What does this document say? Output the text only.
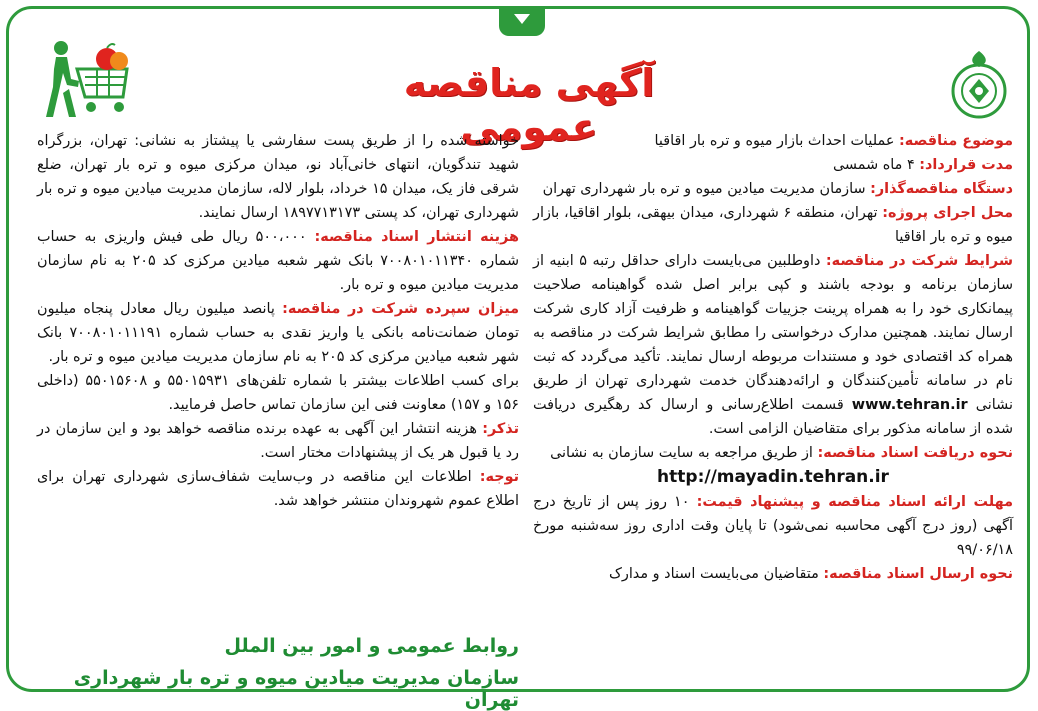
آگهی مناقصه عمومی	موضوع مناقصه: عملیات احداث بازار میوه و تره بار اقاقیا

مدت قرارداد: ۴ ماه شمسی

دستگاه مناقصه‌گذار: سازمان مدیریت میادین میوه و تره بار شهرداری تهران

محل اجرای پروژه: تهران، منطقه ۶ شهرداری، میدان بیهقی، بلوار اقاقیا، بازار میوه و تره بار اقاقیا

شرایط شرکت در مناقصه: داوطلبین می‌بایست دارای حداقل رتبه ۵ ابنیه از سازمان برنامه و بودجه باشند و کپی برابر اصل شده گواهینامه صلاحیت پیمانکاری خود را به همراه پرینت جزییات گواهینامه و ظرفیت آزاد کاری شرکت ارسال نمایند. همچنین مدارک درخواستی را مطابق شرایط شرکت در مناقصه به همراه کد اقتصادی خود و مستندات مربوطه ارسال نمایند. تأکید می‌گردد که ثبت نام در سامانه تأمین‌کنندگان و ارائه‌دهندگان خدمت شهرداری تهران از طریق نشانی www.tehran.ir قسمت اطلاع‌رسانی و ارسال کد رهگیری دریافت شده از سامانه مذکور برای متقاضیان الزامی است.

نحوه دریافت اسناد مناقصه: از طریق مراجعه به سایت سازمان به نشانی

http://mayadin.tehran.ir

مهلت ارائه اسناد مناقصه و پیشنهاد قیمت: ۱۰ روز پس از تاریخ درج آگهی (روز درج آگهی محاسبه نمی‌شود) تا پایان وقت اداری روز سه‌شنبه مورخ ۹۹/۰۶/۱۸

نحوه ارسال اسناد مناقصه: متقاضیان می‌بایست اسناد و مدارک

خواسته شده را از طریق پست سفارشی یا پیشتاز به نشانی: تهران، بزرگراه شهید تندگویان، انتهای خانی‌آباد نو، میدان مرکزی میوه و تره بار تهران، ضلع شرقی فاز یک، میدان ۱۵ خرداد، بلوار لاله، سازمان مدیریت میادین میوه و تره بار شهرداری تهران، کد پستی ۱۸۹۷۷۱۳۱۷۳ ارسال نمایند.

هزینه انتشار اسناد مناقصه: ۵۰۰،۰۰۰ ریال طی فیش واریزی به حساب شماره ۷۰۰۸۰۱۰۱۱۳۴۰ بانک شهر شعبه میادین مرکزی کد ۲۰۵ به نام سازمان مدیریت میادین میوه و تره بار.

میزان سپرده شرکت در مناقصه: پانصد میلیون ریال معادل پنجاه میلیون تومان ضمانت‌نامه بانکی یا واریز نقدی به حساب شماره ۷۰۰۸۰۱۰۱۱۱۹۱ بانک شهر شعبه میادین مرکزی کد ۲۰۵ به نام سازمان مدیریت میادین میوه و تره بار.

برای کسب اطلاعات بیشتر با شماره تلفن‌های ۵۵۰۱۵۹۳۱ و ۵۵۰۱۵۶۰۸ (داخلی ۱۵۶ و ۱۵۷) معاونت فنی این سازمان تماس حاصل فرمایید.

تذکر: هزینه انتشار این آگهی به عهده برنده مناقصه خواهد بود و این سازمان در رد یا قبول هر یک از پیشنهادات مختار است.

توجه: اطلاعات این مناقصه در وب‌سایت شفاف‌سازی شهرداری تهران برای اطلاع عموم شهروندان منتشر خواهد شد.

روابط عمومی و امور بین الملل
سازمان مدیریت میادین میوه و تره بار شهرداری تهران
